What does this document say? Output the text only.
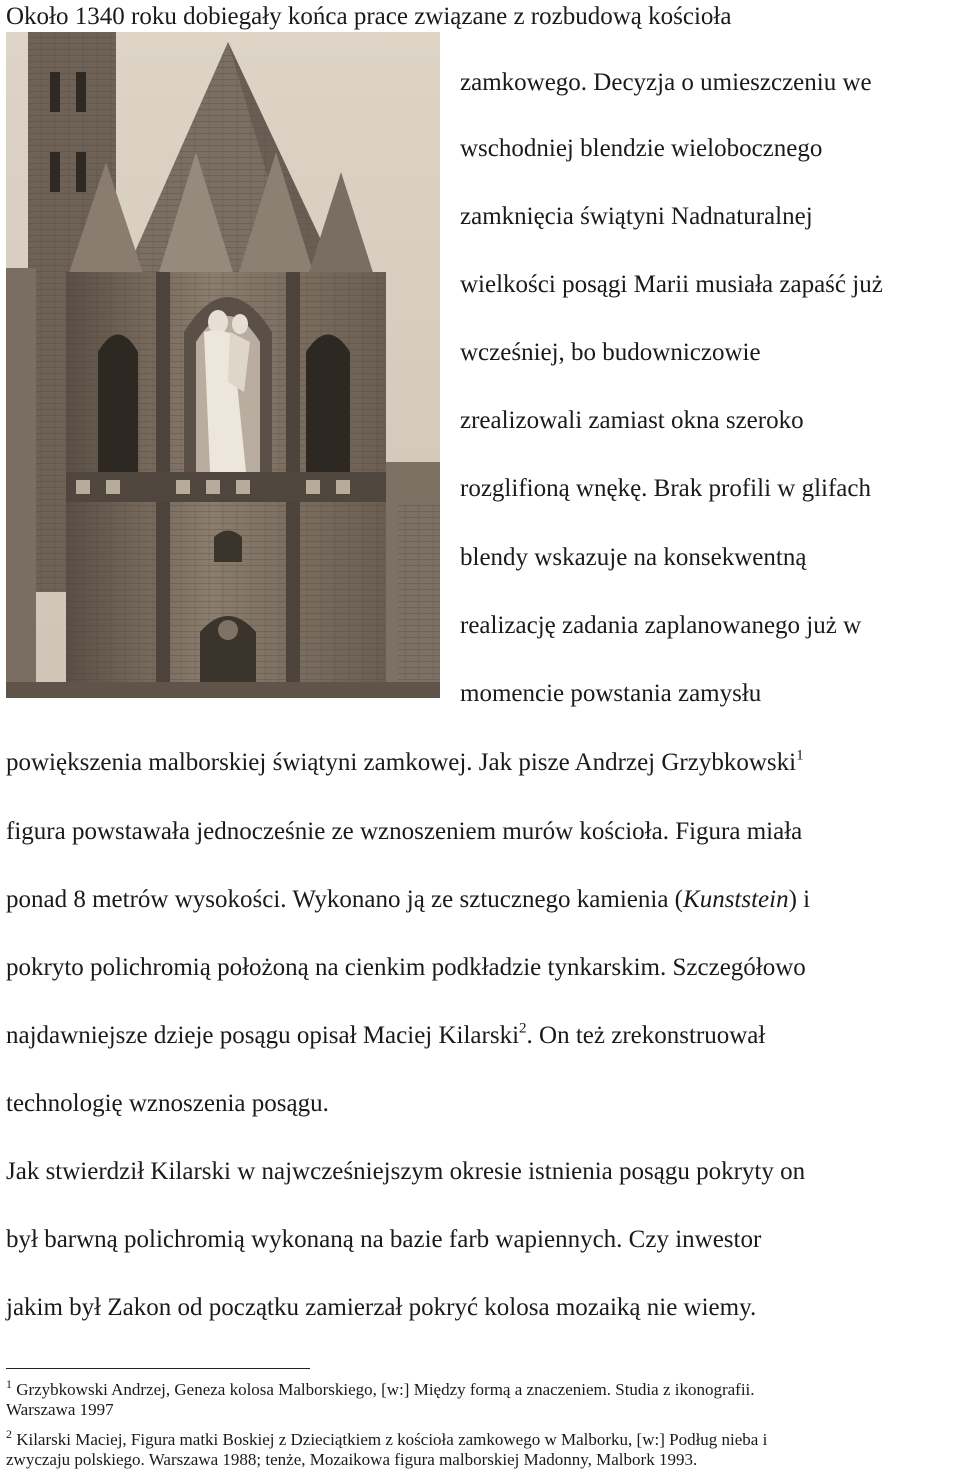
Około 1340 roku dobiegały końca prace związane z rozbudową kościoła
zamkowego. Decyzja o umieszczeniu we
wschodniej blendzie wielobocznego
zamknięcia świątyni Nadnaturalnej
wielkości posągi Marii musiała zapaść już
wcześniej, bo budowniczowie
zrealizowali zamiast okna szeroko
rozglifioną wnękę. Brak profili w glifach
blendy wskazuje na konsekwentną
realizację zadania zaplanowanego już w
momencie powstania zamysłu
powiększenia malborskiej świątyni zamkowej. Jak pisze Andrzej Grzybkowski$^1$
figura powstawała jednocześnie ze wznoszeniem murów kościoła. Figura miała
ponad 8 metrów wysokości. Wykonano ją ze sztucznego kamienia (Kunststein) i
pokryto polichromią położoną na cienkim podkładzie tynkarskim. Szczegółowo
najdawniejsze dzieje posągu opisał Maciej Kilarski$^2$. On też zrekonstruował
technologię wznoszenia posągu.
Jak stwierdził Kilarski w najwcześniejszym okresie istnienia posągu pokryty on
był barwną polichromią wykonaną na bazie farb wapiennych. Czy inwestor
jakim był Zakon od początku zamierzał pokryć kolosa mozaiką nie wiemy.
$^1$ Grzybkowski Andrzej, Geneza kolosa Malborskiego, [w:] Między formą a znaczeniem. Studia z ikonografii.
Warszawa 1997
$^2$ Kilarski Maciej, Figura matki Boskiej z Dzieciątkiem z kościoła zamkowego w Malborku, [w:] Podług nieba i
zwyczaju polskiego. Warszawa 1988; tenże, Mozaikowa figura malborskiej Madonny, Malbork 1993.
